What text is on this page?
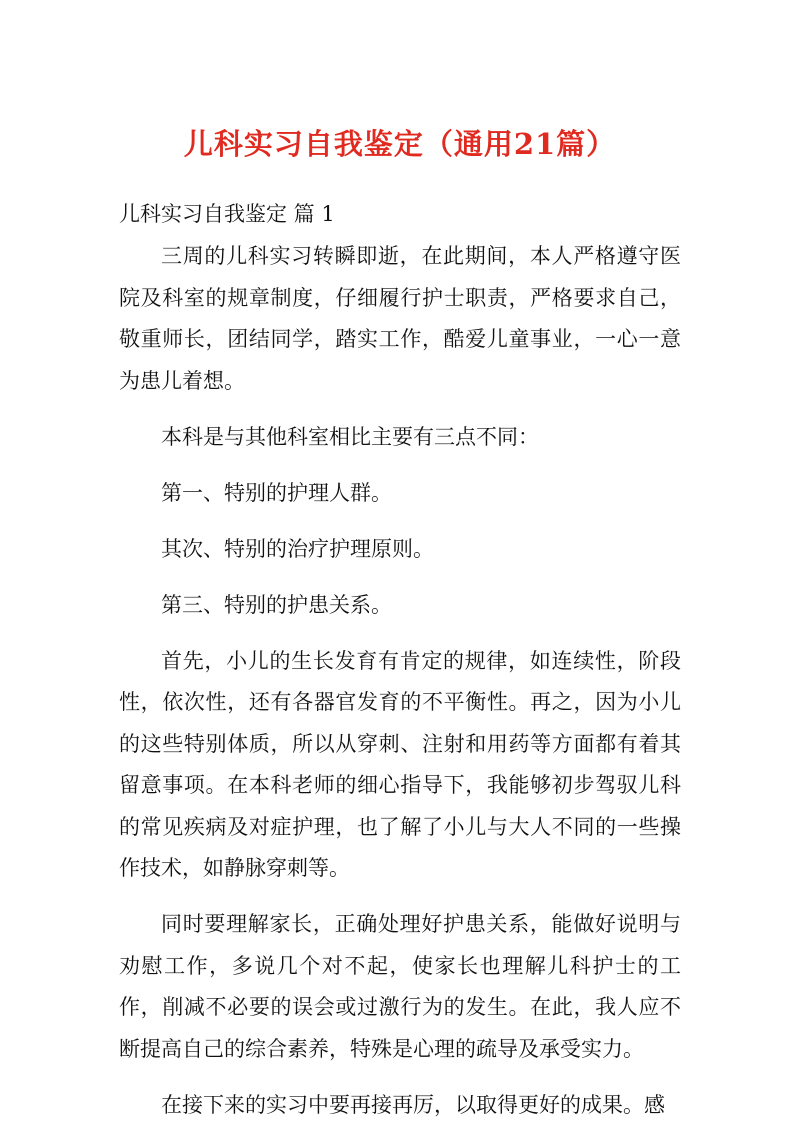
儿科实习自我鉴定（通用21篇）
儿科实习自我鉴定 篇 1

三周的儿科实习转瞬即逝，在此期间，本人严格遵守医院及科室的规章制度，仔细履行护士职责，严格要求自己，敬重师长，团结同学，踏实工作，酷爱儿童事业，一心一意为患儿着想。

本科是与其他科室相比主要有三点不同：

第一、特别的护理人群。

其次、特别的治疗护理原则。

第三、特别的护患关系。

首先，小儿的生长发育有肯定的规律，如连续性，阶段性，依次性，还有各器官发育的不平衡性。再之，因为小儿的这些特别体质，所以从穿刺、注射和用药等方面都有着其留意事项。在本科老师的细心指导下，我能够初步驾驭儿科的常见疾病及对症护理，也了解了小儿与大人不同的一些操作技术，如静脉穿刺等。

同时要理解家长，正确处理好护患关系，能做好说明与劝慰工作，多说几个对不起，使家长也理解儿科护士的工作，削减不必要的误会或过激行为的发生。在此，我人应不断提高自己的综合素养，特殊是心理的疏导及承受实力。

在接下来的实习中要再接再厉，以取得更好的成果。感
